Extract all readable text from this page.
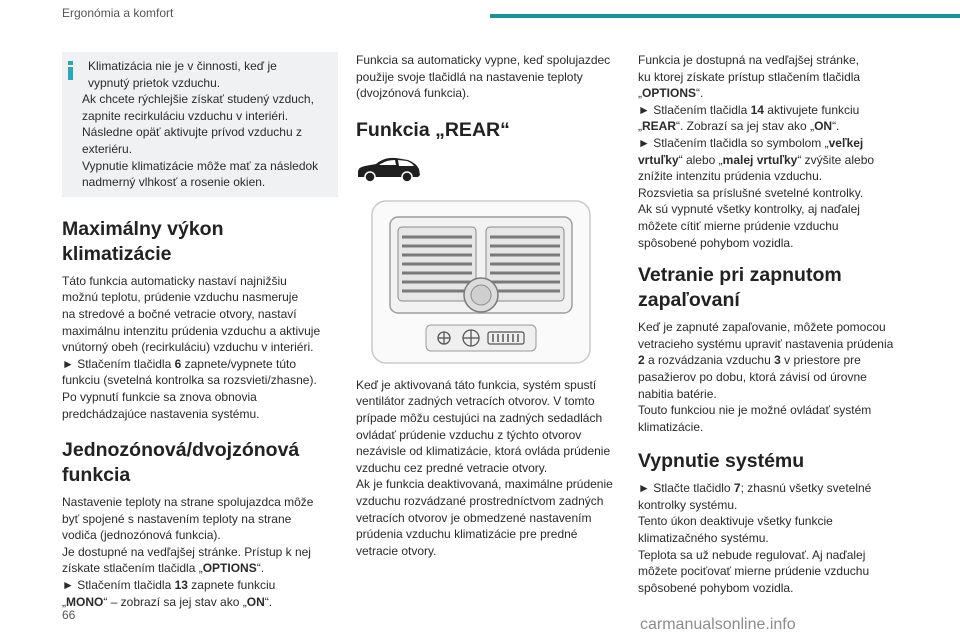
Ergonómia a komfort

Klimatizácia nie je v činnosti, keď je

vypnutý prietok vzduchu.

Ak chcete rýchlejšie získať studený vzduch,

zapnite recirkuláciu vzduchu v interiéri.

Následne opäť aktivujte prívod vzduchu z

exteriéru.

Vypnutie klimatizácie môže mať za následok

nadmerný vlhkosť a rosenie okien.

Maximálny výkon

klimatizácie

Táto funkcia automaticky nastaví najnižšiu

možnú teplotu, prúdenie vzduchu nasmeruje

na stredové a bočné vetracie otvory, nastaví

maximálnu intenzitu prúdenia vzduchu a aktivuje

vnútorný obeh (recirkuláciu) vzduchu v interiéri.

► Stlačením tlačidla 6 zapnete/vypnete túto

funkciu (svetelná kontrolka sa rozsvieti/zhasne).

Po vypnutí funkcie sa znova obnovia

predchádzajúce nastavenia systému.

Jednozónová/dvojzónová

funkcia

Nastavenie teploty na strane spolujazdca môže

byť spojené s nastavením teploty na strane

vodiča (jednozónová funkcia).

Je dostupné na vedľajšej stránke. Prístup k nej

získate stlačením tlačidla „OPTIONS“.

► Stlačením tlačidla 13 zapnete funkciu

„MONO“ – zobrazí sa jej stav ako „ON“.

Funkcia sa automaticky vypne, keď spolujazdec

použije svoje tlačidlá na nastavenie teploty

(dvojzónová funkcia).

Funkcia „REAR“

Keď je aktivovaná táto funkcia, systém spustí

ventilátor zadných vetracích otvorov. V tomto

prípade môžu cestujúci na zadných sedadlách

ovládať prúdenie vzduchu z týchto otvorov

nezávisle od klimatizácie, ktorá ovláda prúdenie

vzduchu cez predné vetracie otvory.

Ak je funkcia deaktivovaná, maximálne prúdenie

vzduchu rozvádzané prostredníctvom zadných

vetracích otvorov je obmedzené nastavením

prúdenia vzduchu klimatizácie pre predné

vetracie otvory.

Funkcia je dostupná na vedľajšej stránke,

ku ktorej získate prístup stlačením tlačidla

„OPTIONS“.

► Stlačením tlačidla 14 aktivujete funkciu

„REAR“. Zobrazí sa jej stav ako „ON“.

► Stlačením tlačidla so symbolom „veľkej

vrtuľky“ alebo „malej vrtuľky“ zvýšite alebo

znížite intenzitu prúdenia vzduchu.

Rozsvietia sa príslušné svetelné kontrolky.

Ak sú vypnuté všetky kontrolky, aj naďalej

môžete cítiť mierne prúdenie vzduchu

spôsobené pohybom vozidla.

Vetranie pri zapnutom

zapaľovaní

Keď je zapnuté zapaľovanie, môžete pomocou

vetracieho systému upraviť nastavenia prúdenia

2 a rozvádzania vzduchu 3 v priestore pre

pasažierov po dobu, ktorá závisí od úrovne

nabitia batérie.

Touto funkciou nie je možné ovládať systém

klimatizácie.

Vypnutie systému

► Stlačte tlačidlo 7; zhasnú všetky svetelné

kontrolky systému.

Tento úkon deaktivuje všetky funkcie

klimatizačného systému.

Teplota sa už nebude regulovať. Aj naďalej

môžete pociťovať mierne prúdenie vzduchu

spôsobené pohybom vozidla.

66
carmanualsonline.info
